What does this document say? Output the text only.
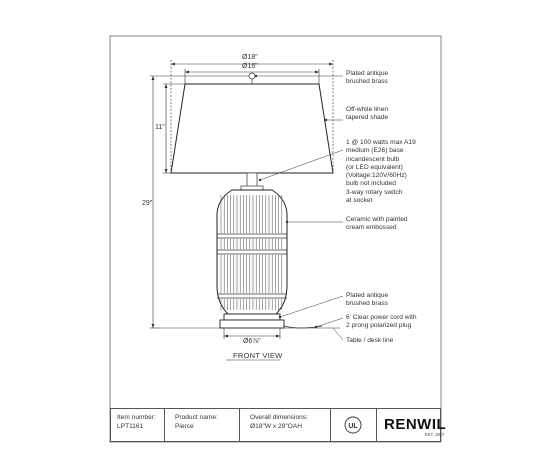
Ø18"
Ø16"
11"
29"
Ø6⅞"
FRONT VIEW
Plated antique
brushed brass
Off-white linen
tapered shade
1 @ 100 watts max A19
medium (E26) base
incandescent bulb
(or LED equivalent)
(Voltage:120V/60Hz)
bulb not included
3-way rotary switch
at socket
Ceramic with painted
cream embossed
Plated antique
brushed brass
6' Clear power cord with
2 prong polarized plug
Table / desk line
Item number:
LPT1161
Product name:
Pierce
Overall dimensions:
Ø18"W x 29"OAH	UL RENWIL
EST. 1957
